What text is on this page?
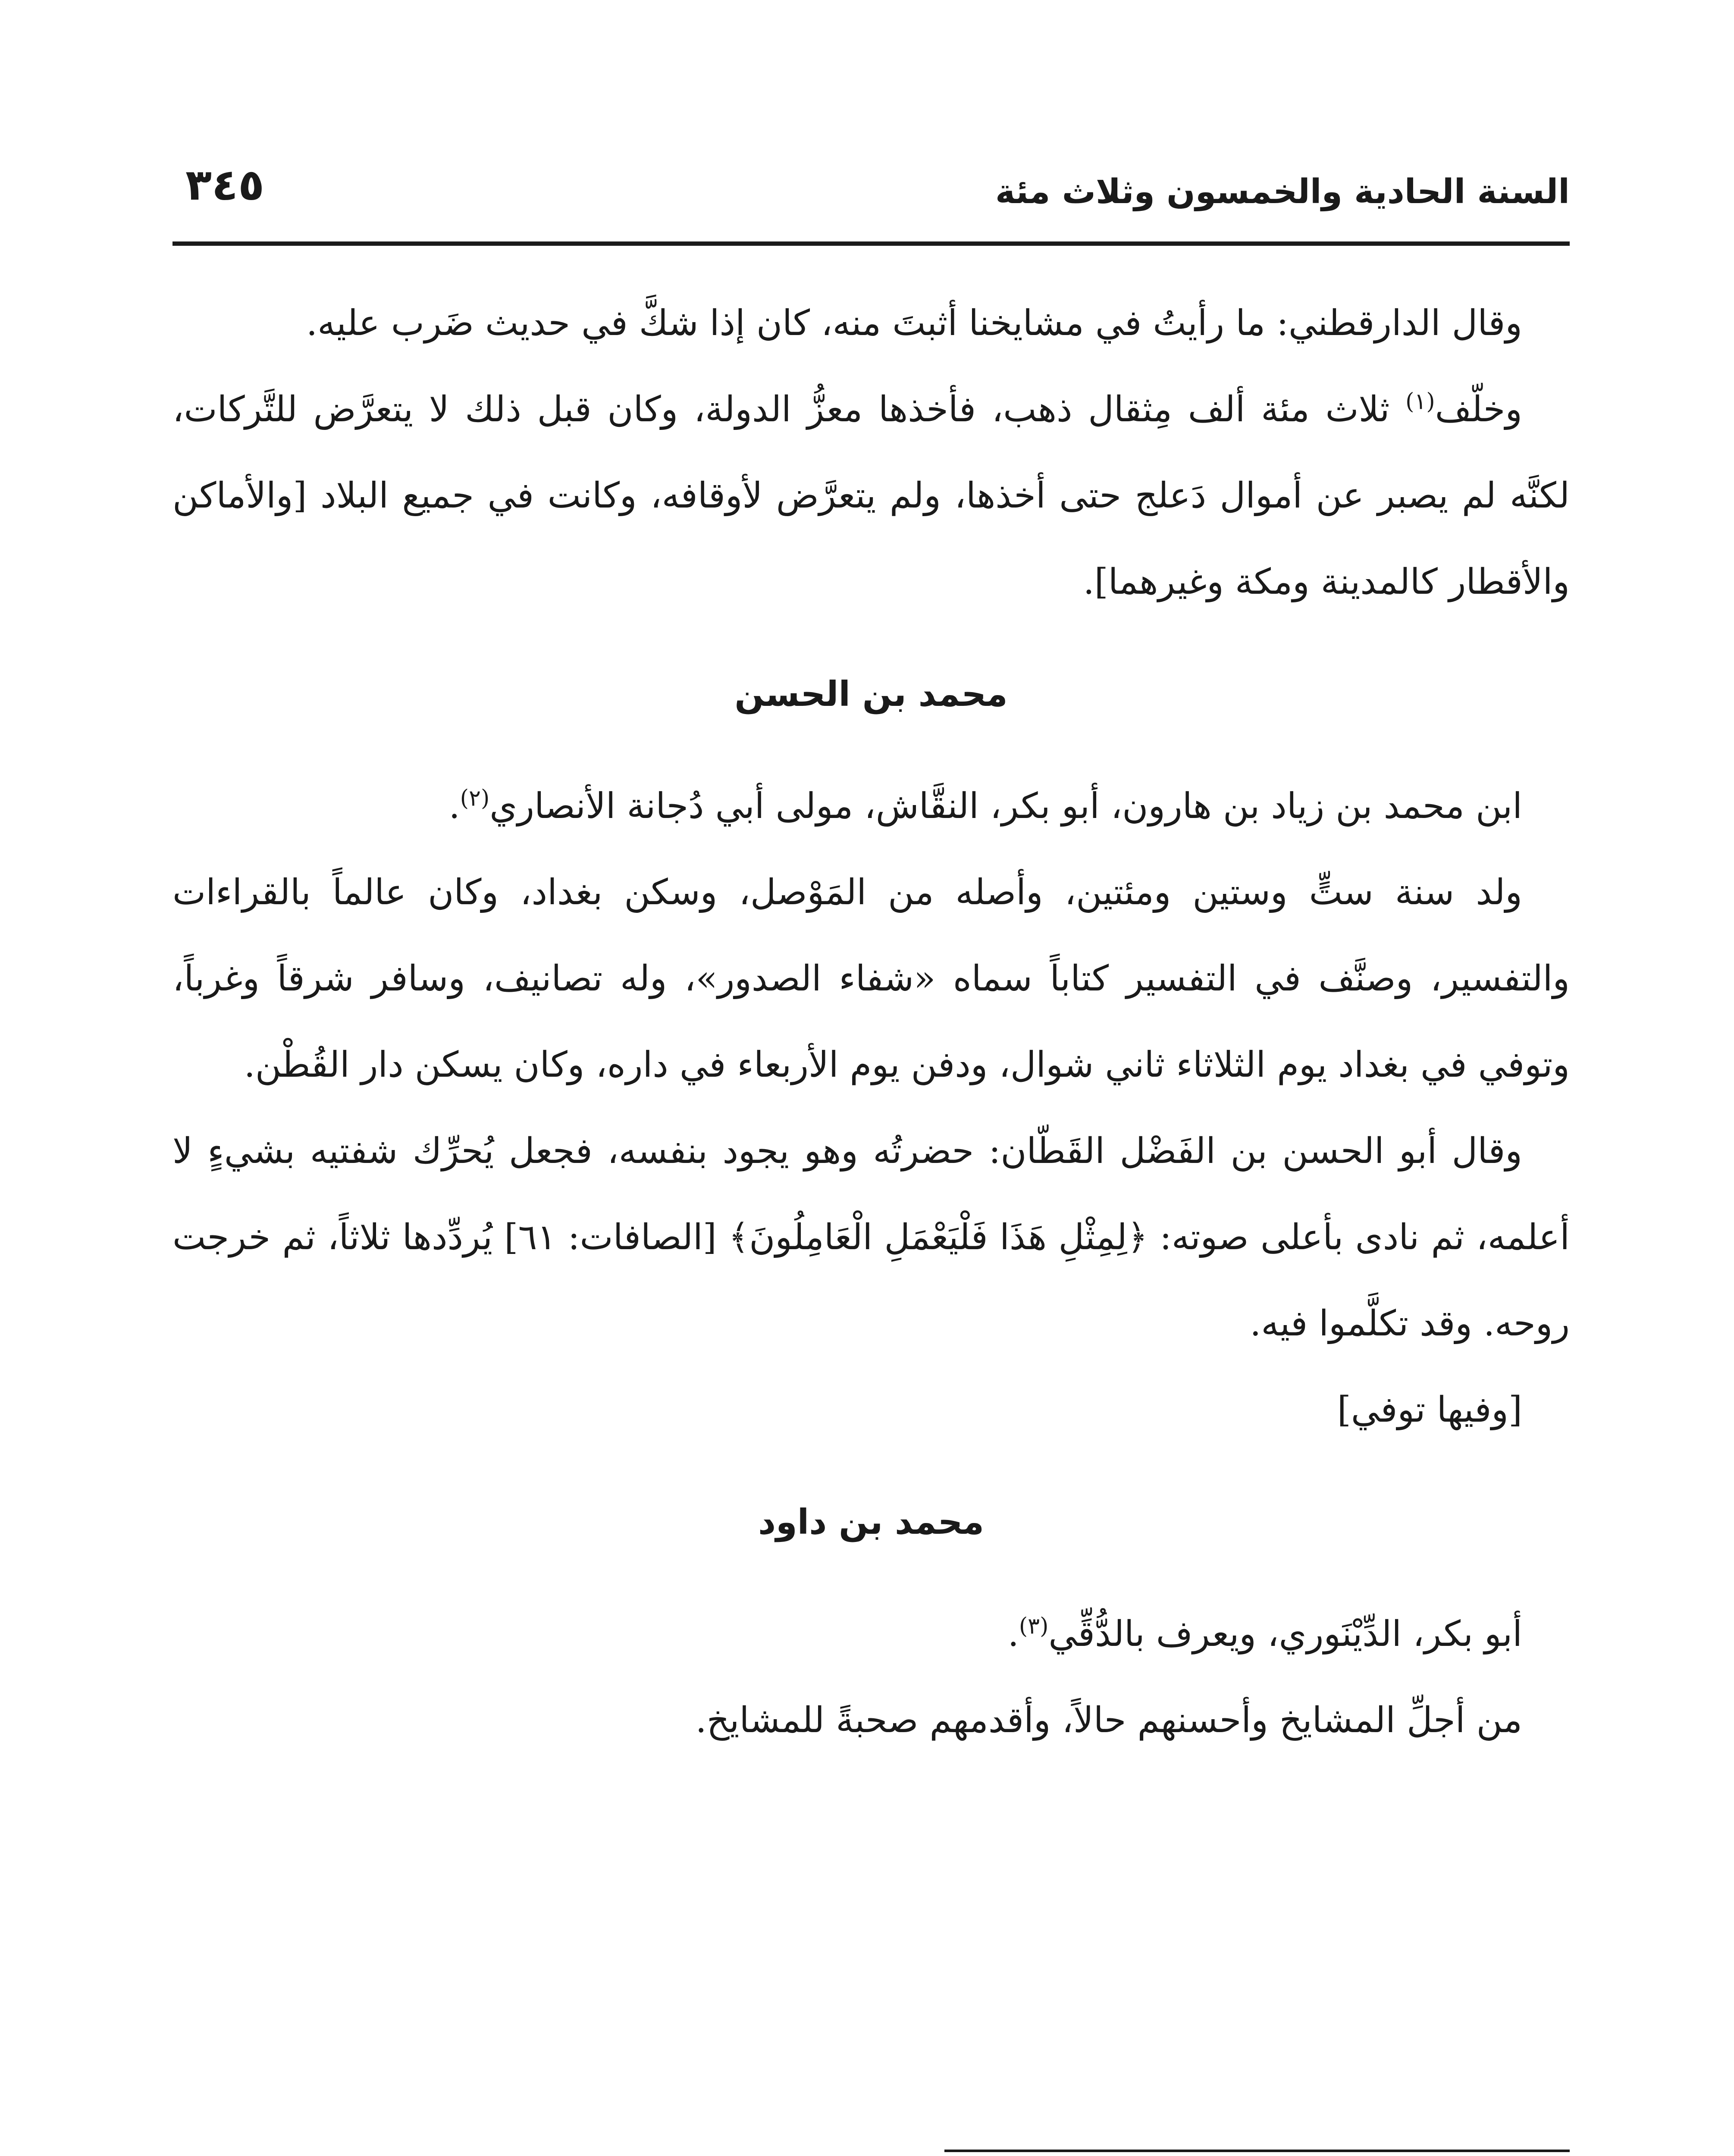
السنة الحادية والخمسون وثلاث مئة
٣٤٥

وقال الدارقطني: ما رأيتُ في مشايخنا أثبتَ منه، كان إذا شكَّ في حديث ضَرب عليه.

وخلّف$^{(١)}$ ثلاث مئة ألف مِثقال ذهب، فأخذها معزُّ الدولة، وكان قبل ذلك لا يتعرَّض للتَّركات، لكنَّه لم يصبر عن أموال دَعلج حتى أخذها، ولم يتعرَّض لأوقافه، وكانت في جميع البلاد [والأماكن والأقطار كالمدينة ومكة وغيرهما].

محمد بن الحسن

ابن محمد بن زياد بن هارون، أبو بكر، النقَّاش، مولى أبي دُجانة الأنصاري$^{(٢)}$.

ولد سنة ستٍّ وستين ومئتين، وأصله من المَوْصل، وسكن بغداد، وكان عالماً بالقراءات والتفسير، وصنَّف في التفسير كتاباً سماه «شفاء الصدور»، وله تصانيف، وسافر شرقاً وغرباً، وتوفي في بغداد يوم الثلاثاء ثاني شوال، ودفن يوم الأربعاء في داره، وكان يسكن دار القُطْن.

وقال أبو الحسن بن الفَضْل القَطّان: حضرتُه وهو يجود بنفسه، فجعل يُحرِّك شفتيه بشيءٍ لا أعلمه، ثم نادى بأعلى صوته: ﴿لِمِثْلِ هَذَا فَلْيَعْمَلِ الْعَامِلُونَ﴾ [الصافات: ٦١] يُردِّدها ثلاثاً، ثم خرجت روحه. وقد تكلَّموا فيه.

[وفيها توفي]

محمد بن داود

أبو بكر، الدِّيْنَوري، ويعرف بالدُّقِّي$^{(٣)}$.

من أجلِّ المشايخ وأحسنهم حالاً، وأقدمهم صحبةً للمشايخ.
